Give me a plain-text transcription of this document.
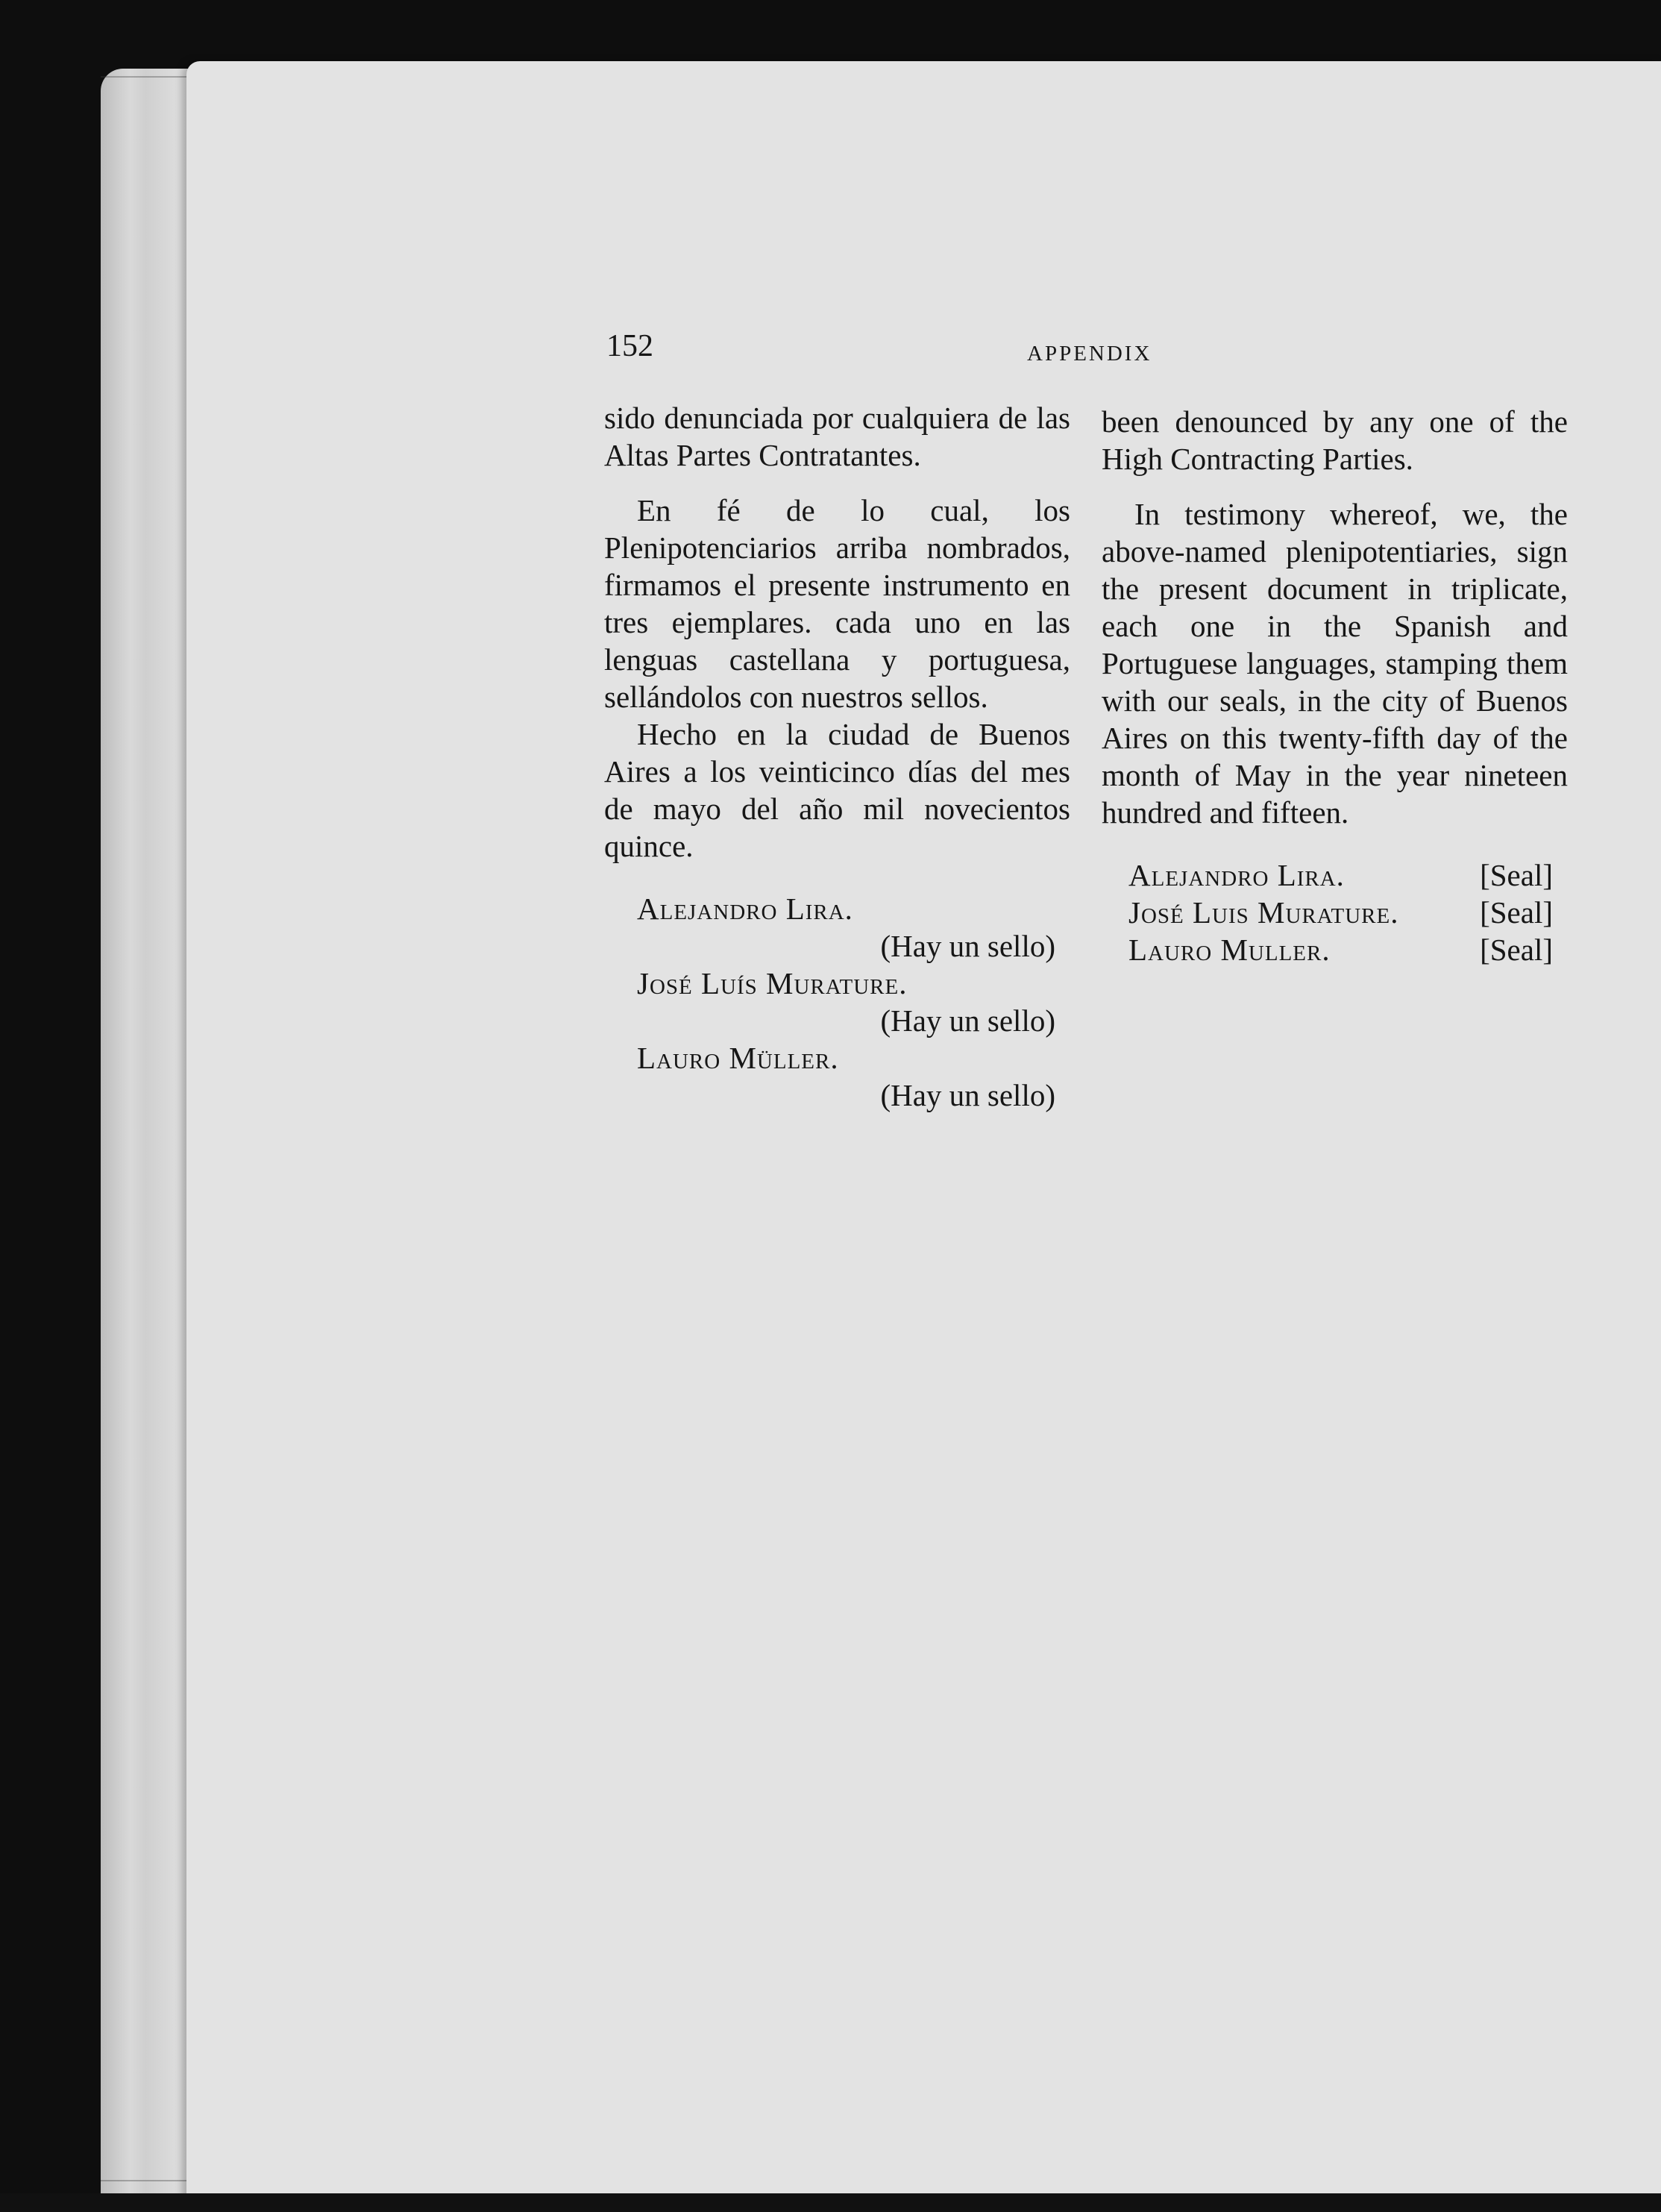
152	APPENDIX

sido denunciada por cualquiera de las Altas Partes Contratantes.

En fé de lo cual, los Plenipotenciarios arriba nombrados, firmamos el presente instrumento en tres ejemplares. cada uno en las lenguas castellana y portuguesa, sellándolos con nuestros sellos.

Hecho en la ciudad de Buenos Aires a los veinticinco días del mes de mayo del año mil novecientos quince.

Alejandro Lira.
(Hay un sello)
José Luís Murature.
(Hay un sello)
Lauro Müller.
(Hay un sello)

been denounced by any one of the High Contracting Parties.

In testimony whereof, we, the above-named plenipotentiaries, sign the present document in triplicate, each one in the Spanish and Portuguese languages, stamping them with our seals, in the city of Buenos Aires on this twenty-fifth day of the month of May in the year nineteen hundred and fifteen.

Alejandro Lira.	[Seal]
José Luis Murature.	[Seal]
Lauro Muller.	[Seal]
